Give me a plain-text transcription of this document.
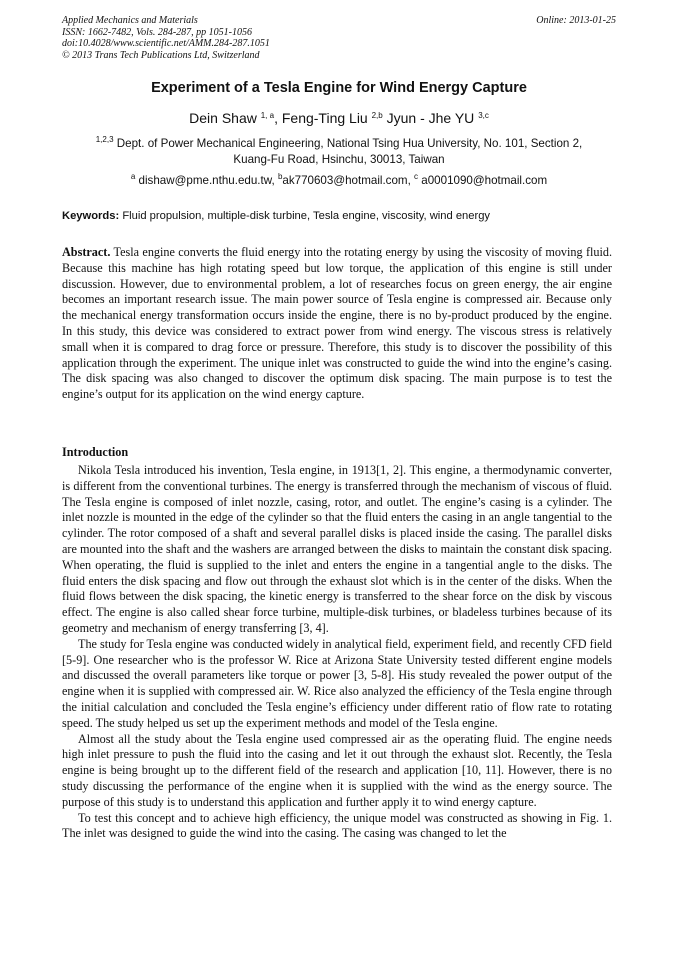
Applied Mechanics and Materials
ISSN: 1662-7482, Vols. 284-287, pp 1051-1056
doi:10.4028/www.scientific.net/AMM.284-287.1051
© 2013 Trans Tech Publications Ltd, Switzerland
Online: 2013-01-25
Experiment of a Tesla Engine for Wind Energy Capture
Dein Shaw $^{1, a}$, Feng-Ting Liu $^{2,b}$ Jyun - Jhe YU $^{3,c}$
$^{1,2,3}$ Dept. of Power Mechanical Engineering, National Tsing Hua University, No. 101, Section 2,
Kuang-Fu Road, Hsinchu, 30013, Taiwan
$^a$ dishaw@pme.nthu.edu.tw, $^b$ak770603@hotmail.com, $^c$ a0001090@hotmail.com
Keywords: Fluid propulsion, multiple-disk turbine, Tesla engine, viscosity, wind energy

Abstract. Tesla engine converts the fluid energy into the rotating energy by using the viscosity of moving fluid. Because this machine has high rotating speed but low torque, the application of this engine is still under discussion. However, due to environmental problem, a lot of researches focus on green energy, the air engine becomes an important research issue. The main power source of Tesla engine is compressed air. Because only the mechanical energy transformation occurs inside the engine, there is no by-product produced by the engine. In this study, this device was considered to extract power from wind energy. The viscous stress is relatively small when it is compared to drag force or pressure. Therefore, this study is to discover the possibility of this application through the experiment. The unique inlet was constructed to guide the wind into the engine’s casing. The disk spacing was also changed to discover the optimum disk spacing. The main purpose is to test the engine’s output for its application on the wind energy capture.

Introduction

Nikola Tesla introduced his invention, Tesla engine, in 1913[1, 2]. This engine, a thermodynamic converter, is different from the conventional turbines. The energy is transferred through the mechanism of viscous of fluid. The Tesla engine is composed of inlet nozzle, casing, rotor, and outlet. The engine’s casing is a cylinder. The inlet nozzle is mounted in the edge of the cylinder so that the fluid enters the casing in an angle tangential to the cylinder. The rotor composed of a shaft and several parallel disks is placed inside the casing. The parallel disks are mounted into the shaft and the washers are arranged between the disks to maintain the constant disk spacing. When operating, the fluid is supplied to the inlet and enters the engine in a tangential angle to the disks. The fluid enters the disk spacing and flow out through the exhaust slot which is in the center of the disks. When the fluid flows between the disk spacing, the kinetic energy is transferred to the shear force on the disk by viscous effect. The engine is also called shear force turbine, multiple-disk turbines, or bladeless turbines because of its geometry and mechanism of energy transferring [3, 4].

The study for Tesla engine was conducted widely in analytical field, experiment field, and recently CFD field [5-9]. One researcher who is the professor W. Rice at Arizona State University tested different engine models and discussed the overall parameters like torque or power [3, 5-8]. His study revealed the power output of the engine when it is supplied with compressed air. W. Rice also analyzed the efficiency of the Tesla engine through the initial calculation and concluded the Tesla engine’s efficiency under different ratio of flow rate to rotating speed. The study helped us set up the experiment methods and model of the Tesla engine.

Almost all the study about the Tesla engine used compressed air as the operating fluid. The engine needs high inlet pressure to push the fluid into the casing and let it out through the exhaust slot. Recently, the Tesla engine is being brought up to the different field of the research and application [10, 11]. However, there is no study discussing the performance of the engine when it is supplied with the wind as the energy source. The purpose of this study is to understand this application and further apply it to wind energy capture.

To test this concept and to achieve high efficiency, the unique model was constructed as showing in Fig. 1. The inlet was designed to guide the wind into the casing. The casing was changed to let the
